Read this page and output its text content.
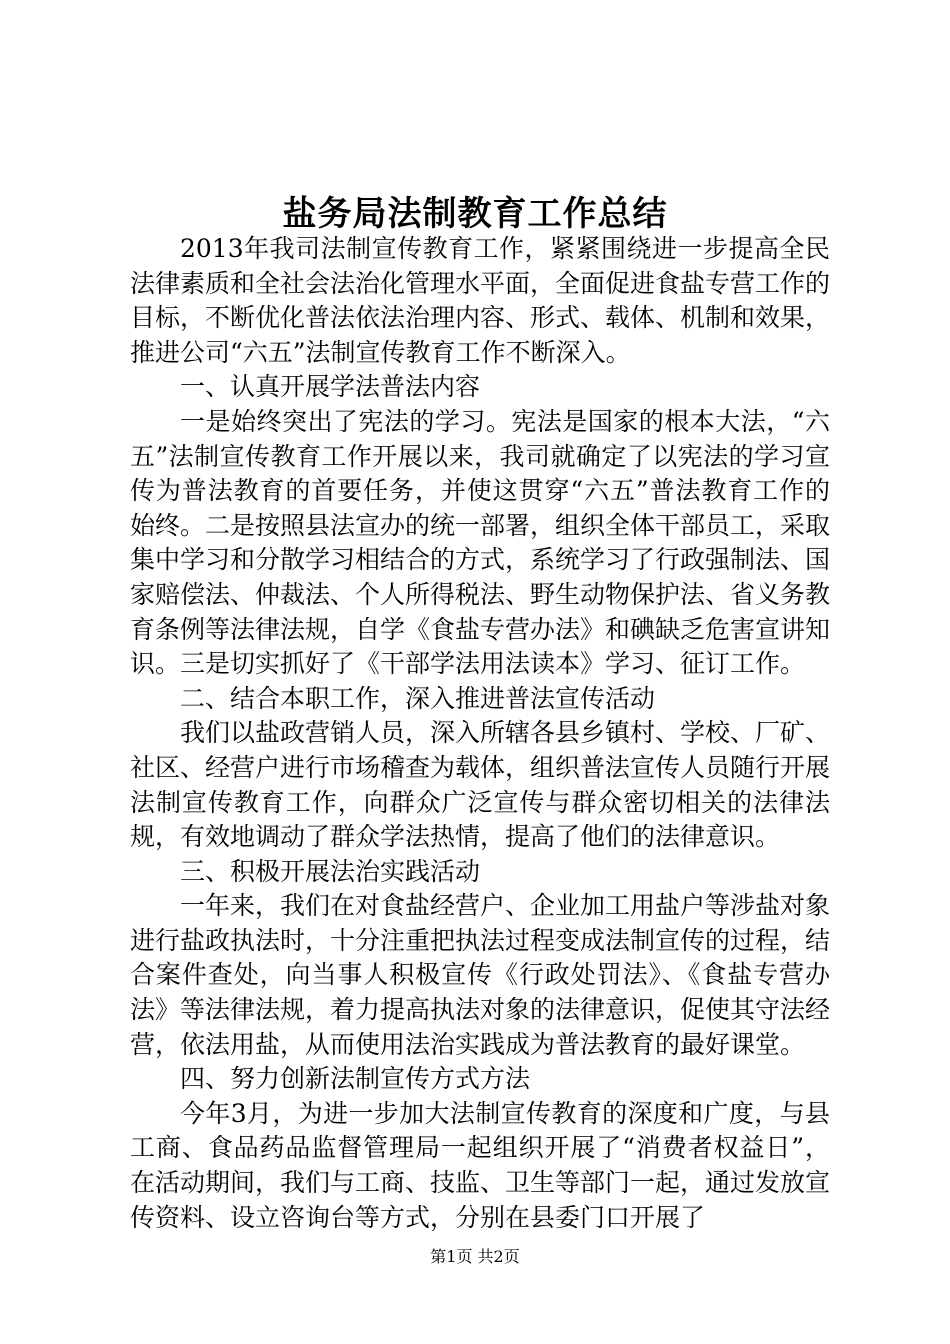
盐务局法制教育工作总结

2013年我司法制宣传教育工作，紧紧围绕进一步提高全民法律素质和全社会法治化管理水平面，全面促进食盐专营工作的目标，不断优化普法依法治理内容、形式、载体、机制和效果，推进公司“六五”法制宣传教育工作不断深入。

一、认真开展学法普法内容

一是始终突出了宪法的学习。宪法是国家的根本大法，“六五”法制宣传教育工作开展以来，我司就确定了以宪法的学习宣传为普法教育的首要任务，并使这贯穿“六五”普法教育工作的始终。二是按照县法宣办的统一部署，组织全体干部员工，采取集中学习和分散学习相结合的方式，系统学习了行政强制法、国家赔偿法、仲裁法、个人所得税法、野生动物保护法、省义务教育条例等法律法规，自学《食盐专营办法》和碘缺乏危害宣讲知识。三是切实抓好了《干部学法用法读本》学习、征订工作。

二、结合本职工作，深入推进普法宣传活动

我们以盐政营销人员，深入所辖各县乡镇村、学校、厂矿、社区、经营户进行市场稽查为载体，组织普法宣传人员随行开展法制宣传教育工作，向群众广泛宣传与群众密切相关的法律法规，有效地调动了群众学法热情，提高了他们的法律意识。

三、积极开展法治实践活动

一年来，我们在对食盐经营户、企业加工用盐户等涉盐对象进行盐政执法时，十分注重把执法过程变成法制宣传的过程，结合案件查处，向当事人积极宣传《行政处罚法》、《食盐专营办法》等法律法规，着力提高执法对象的法律意识，促使其守法经营，依法用盐，从而使用法治实践成为普法教育的最好课堂。

四、努力创新法制宣传方式方法

今年3月，为进一步加大法制宣传教育的深度和广度，与县工商、食品药品监督管理局一起组织开展了“消费者权益日”，在活动期间，我们与工商、技监、卫生等部门一起，通过发放宣传资料、设立咨询台等方式，分别在县委门口开展了

第1页 共2页
